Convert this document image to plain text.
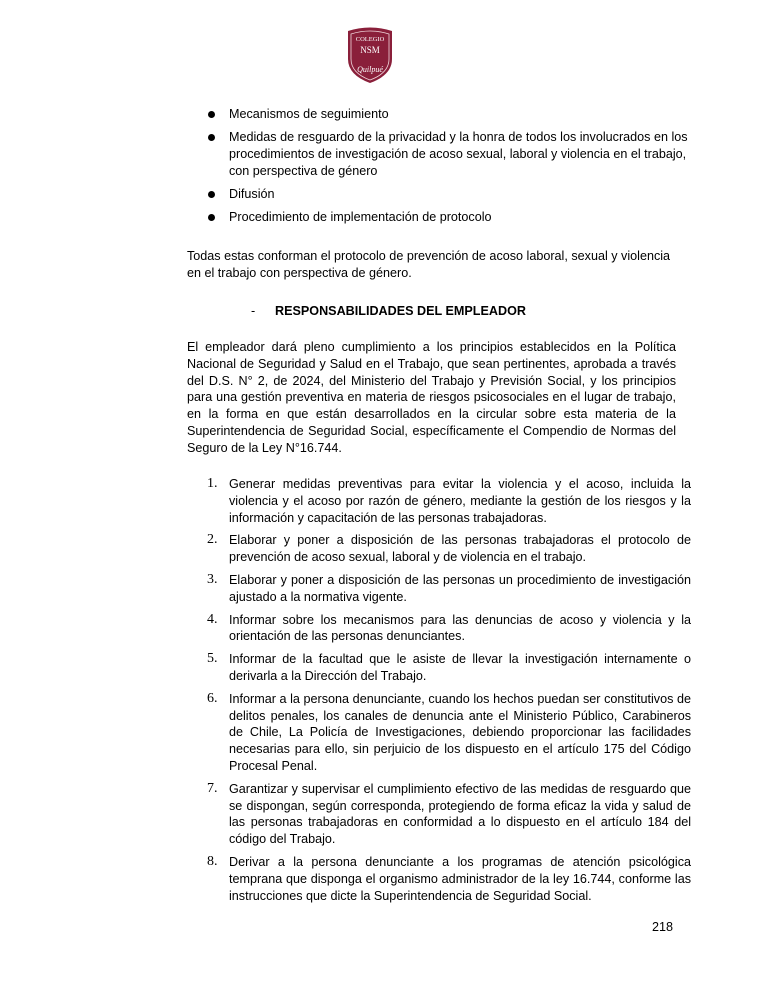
COLEGIO
NSM
Quilpué
Mecanismos de seguimiento
Medidas de resguardo de la privacidad y la honra de todos los involucrados en los procedimientos de investigación de acoso sexual, laboral y violencia en el trabajo, con perspectiva de género
Difusión
Procedimiento de implementación de protocolo

Todas estas conforman el protocolo de prevención de acoso laboral, sexual y violencia en el trabajo con perspectiva de género.

- RESPONSABILIDADES DEL EMPLEADOR

El empleador dará pleno cumplimiento a los principios establecidos en la Política Nacional de Seguridad y Salud en el Trabajo, que sean pertinentes, aprobada a través del D.S. N° 2, de 2024, del Ministerio del Trabajo y Previsión Social, y los principios para una gestión preventiva en materia de riesgos psicosociales en el lugar de trabajo, en la forma en que están desarrollados en la circular sobre esta materia de la Superintendencia de Seguridad Social, específicamente el Compendio de Normas del Seguro de la Ley N°16.744.

1. Generar medidas preventivas para evitar la violencia y el acoso, incluida la violencia y el acoso por razón de género, mediante la gestión de los riesgos y la información y capacitación de las personas trabajadoras.
2. Elaborar y poner a disposición de las personas trabajadoras el protocolo de prevención de acoso sexual, laboral y de violencia en el trabajo.
3. Elaborar y poner a disposición de las personas un procedimiento de investigación ajustado a la normativa vigente.
4. Informar sobre los mecanismos para las denuncias de acoso y violencia y la orientación de las personas denunciantes.
5. Informar de la facultad que le asiste de llevar la investigación internamente o derivarla a la Dirección del Trabajo.
6. Informar a la persona denunciante, cuando los hechos puedan ser constitutivos de delitos penales, los canales de denuncia ante el Ministerio Público, Carabineros de Chile, La Policía de Investigaciones, debiendo proporcionar las facilidades necesarias para ello, sin perjuicio de los dispuesto en el artículo 175 del Código Procesal Penal.
7. Garantizar y supervisar el cumplimiento efectivo de las medidas de resguardo que se dispongan, según corresponda, protegiendo de forma eficaz la vida y salud de las personas trabajadoras en conformidad a lo dispuesto en el artículo 184 del código del Trabajo.
8. Derivar a la persona denunciante a los programas de atención psicológica temprana que disponga el organismo administrador de la ley 16.744, conforme las instrucciones que dicte la Superintendencia de Seguridad Social.
218
